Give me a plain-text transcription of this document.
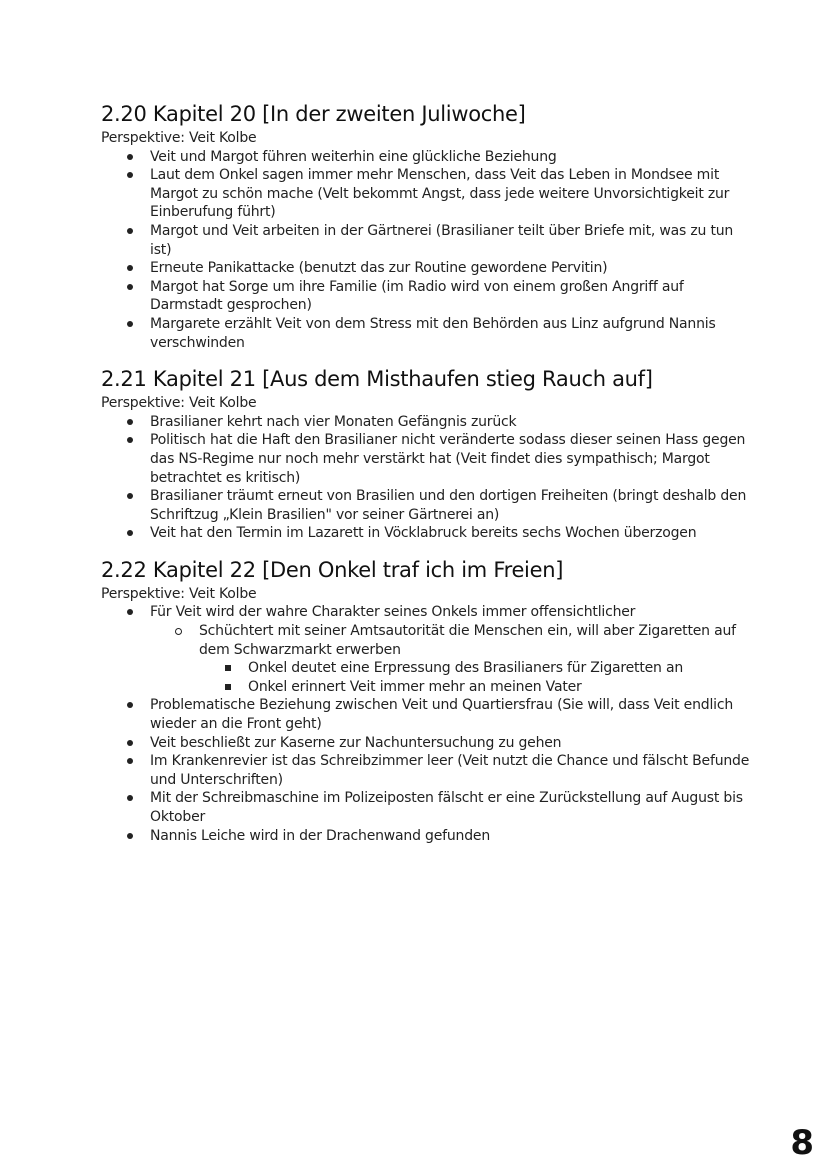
2.20 Kapitel 20 [In der zweiten Juliwoche]
Perspektive: Veit Kolbe
Veit und Margot führen weiterhin eine glückliche Beziehung
Laut dem Onkel sagen immer mehr Menschen, dass Veit das Leben in Mondsee mit Margot zu schön mache (Velt bekommt Angst, dass jede weitere Unvorsichtigkeit zur Einberufung führt)
Margot und Veit arbeiten in der Gärtnerei (Brasilianer teilt über Briefe mit, was zu tun ist)
Erneute Panikattacke (benutzt das zur Routine gewordene Pervitin)
Margot hat Sorge um ihre Familie (im Radio wird von einem großen Angriff auf Darmstadt gesprochen)
Margarete erzählt Veit von dem Stress mit den Behörden aus Linz aufgrund Nannis verschwinden
2.21 Kapitel 21 [Aus dem Misthaufen stieg Rauch auf]
Perspektive: Veit Kolbe
Brasilianer kehrt nach vier Monaten Gefängnis zurück
Politisch hat die Haft den Brasilianer nicht veränderte sodass dieser seinen Hass gegen das NS-Regime nur noch mehr verstärkt hat (Veit findet dies sympathisch; Margot betrachtet es kritisch)
Brasilianer träumt erneut von Brasilien und den dortigen Freiheiten (bringt deshalb den Schriftzug „Klein Brasilien" vor seiner Gärtnerei an)
Veit hat den Termin im Lazarett in Vöcklabruck bereits sechs Wochen überzogen
2.22 Kapitel 22 [Den Onkel traf ich im Freien]
Perspektive: Veit Kolbe
Für Veit wird der wahre Charakter seines Onkels immer offensichtlicher
Schüchtert mit seiner Amtsautorität die Menschen ein, will aber Zigaretten auf dem Schwarzmarkt erwerben
Onkel deutet eine Erpressung des Brasilianers für Zigaretten an
Onkel erinnert Veit immer mehr an meinen Vater
Problematische Beziehung zwischen Veit und Quartiersfrau (Sie will, dass Veit endlich wieder an die Front geht)
Veit beschließt zur Kaserne zur Nachuntersuchung zu gehen
Im Krankenrevier ist das Schreibzimmer leer (Veit nutzt die Chance und fälscht Befunde und Unterschriften)
Mit der Schreibmaschine im Polizeiposten fälscht er eine Zurückstellung auf August bis Oktober
Nannis Leiche wird in der Drachenwand gefunden
8
